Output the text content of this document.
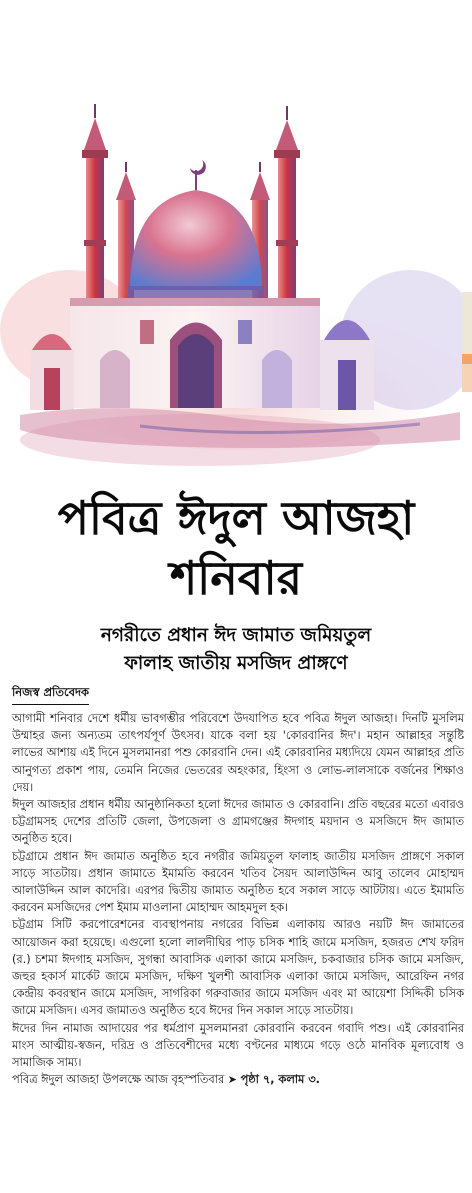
পবিত্র ঈদুল আজহা
শনিবার
নগরীতে প্রধান ঈদ জামাত জমিয়তুল
ফালাহ জাতীয় মসজিদ প্রাঙ্গণে
নিজস্ব প্রতিবেদক

আগামী শনিবার দেশে ধর্মীয় ভাবগম্ভীর পরিবেশে উদযাপিত হবে পবিত্র ঈদুল আজহা। দিনটি মুসলিম উম্মাহর জন্য অন্যতম তাৎপর্যপূর্ণ উৎসব। যাকে বলা হয় 'কোরবানির ঈদ'। মহান আল্লাহর সন্তুষ্টি লাভের আশায় এই দিনে মুসলমানরা পশু কোরবানি দেন। এই কোরবানির মধ্যদিয়ে যেমন আল্লাহর প্রতি আনুগত্য প্রকাশ পায়, তেমনি নিজের ভেতরের অহংকার, হিংসা ও লোভ-লালসাকে বর্জনের শিক্ষাও দেয়।

ঈদুল আজহার প্রধান ধর্মীয় আনুষ্ঠানিকতা হলো ঈদের জামাত ও কোরবানি। প্রতি বছরের মতো এবারও চট্টগ্রামসহ দেশের প্রতিটি জেলা, উপজেলা ও গ্রামগঞ্জের ঈদগাহ ময়দান ও মসজিদে ঈদ জামাত অনুষ্ঠিত হবে।

চট্টগ্রামে প্রধান ঈদ জামাত অনুষ্ঠিত হবে নগরীর জমিয়তুল ফালাহ জাতীয় মসজিদ প্রাঙ্গণে সকাল সাড়ে সাতটায়। প্রধান জামাতে ইমামতি করবেন খতিব সৈয়দ আলাউদ্দিন আবু তালেব মোহাম্মদ আলাউদ্দিন আল কাদেরি। এরপর দ্বিতীয় জামাত অনুষ্ঠিত হবে সকাল সাড়ে আটটায়। এতে ইমামতি করবেন মসজিদের পেশ ইমাম মাওলানা মোহাম্মদ আহমদুল হক।

চট্টগ্রাম সিটি করপোরেশনের ব্যবস্থাপনায় নগরের বিভিন্ন এলাকায় আরও নয়টি ঈদ জামাতের আয়োজন করা হয়েছে। এগুলো হলো লালদীঘির পাড় চসিক শাহি জামে মসজিদ, হজরত শেখ ফরিদ (র.) চশমা ঈদগাহ মসজিদ, সুগন্ধা আবাসিক এলাকা জামে মসজিদ, চকবাজার চসিক জামে মসজিদ, জহুর হকার্স মার্কেট জামে মসজিদ, দক্ষিণ খুলশী আবাসিক এলাকা জামে মসজিদ, আরেফিন নগর কেন্দ্রীয় কবরস্থান জামে মসজিদ, সাগরিকা গরুবাজার জামে মসজিদ এবং মা আয়েশা সিদ্দিকী চসিক জামে মসজিদ। এসব জামাতও অনুষ্ঠিত হবে ঈদের দিন সকাল সাড়ে সাতটায়।

ঈদের দিন নামাজ আদায়ের পর ধর্মপ্রাণ মুসলমানরা কোরবানি করবেন গবাদি পশু। এই কোরবানির মাংস আত্মীয়-স্বজন, দরিদ্র ও প্রতিবেশীদের মধ্যে বণ্টনের মাধ্যমে গড়ে ওঠে মানবিক মূল্যবোধ ও সামাজিক সাম্য।

পবিত্র ঈদুল আজহা উপলক্ষে আজ বৃহস্পতিবার ➤ পৃষ্ঠা ৭, কলাম ৩.
